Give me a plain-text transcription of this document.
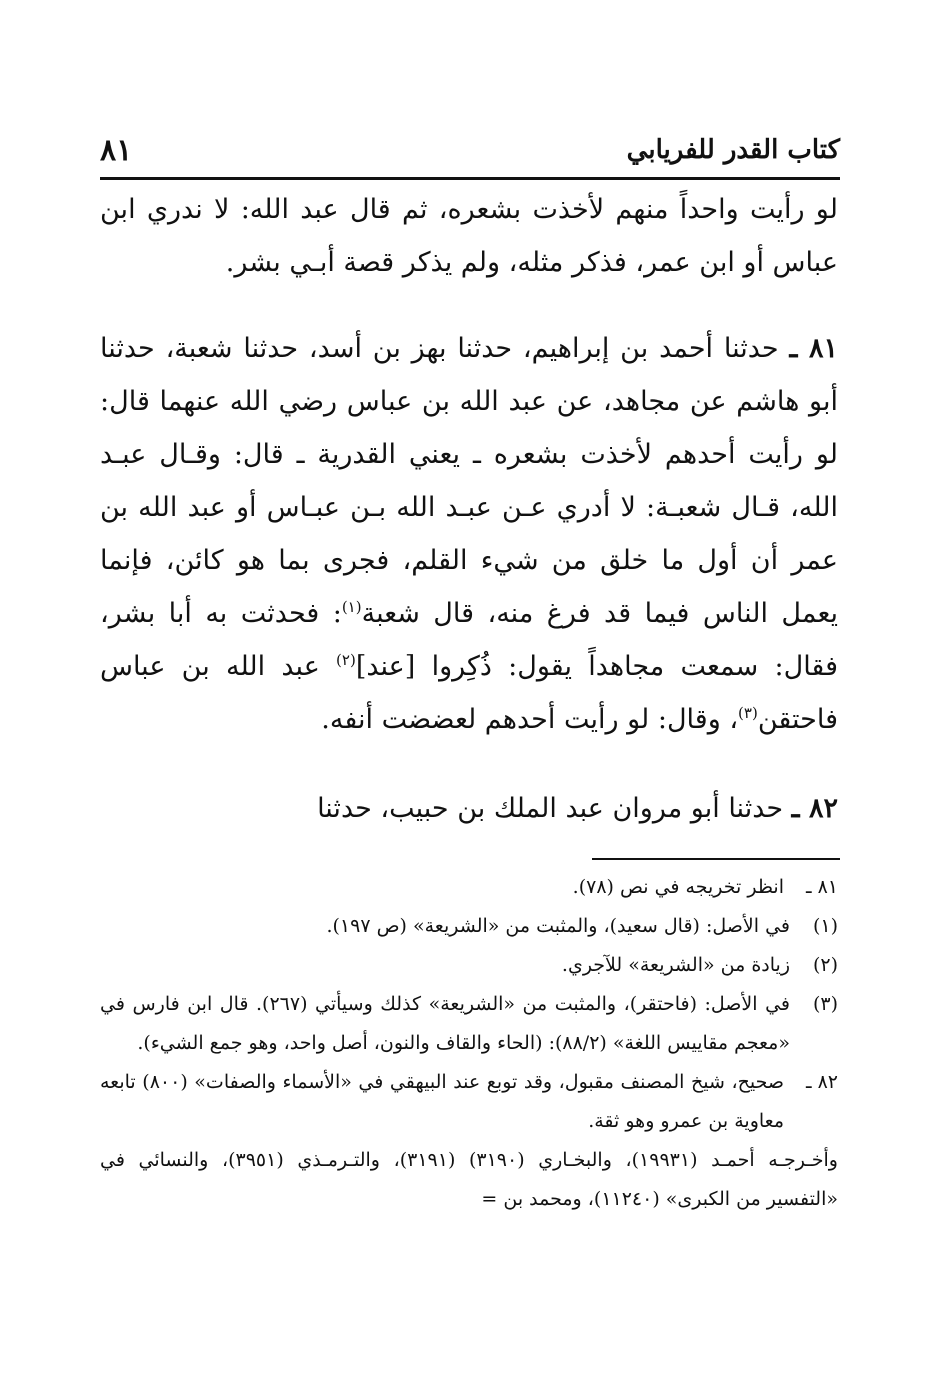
كتاب القدر للفريابي
٨١

لو رأيت واحداً منهم لأخذت بشعره، ثم قال عبد الله: لا ندري ابن عباس أو ابن عمر، فذكر مثله، ولم يذكر قصة أبـي بشر.

٨١ ـ حدثنا أحمد بن إبراهيم، حدثنا بهز بن أسد، حدثنا شعبة، حدثنا أبو هاشم عن مجاهد، عن عبد الله بن عباس رضي الله عنهما قال: لو رأيت أحدهم لأخذت بشعره ـ يعني القدرية ـ قال: وقـال عبـد الله، قـال شعبـة: لا أدري عـن عبـد الله بـن عبـاس أو عبد الله بن عمر أن أول ما خلق من شيء القلم، فجرى بما هو كائن، فإنما يعمل الناس فيما قد فرغ منه، قال شعبة$^{(١)}$: فحدثت به أبا بشر، فقال: سمعت مجاهداً يقول: ذُكِروا [عند]$^{(٢)}$ عبد الله بن عباس فاحتقن$^{(٣)}$، وقال: لو رأيت أحدهم لعضضت أنفه.

٨٢ ـ حدثنا أبو مروان عبد الملك بن حبيب، حدثنا

٨١ ـ
انظر تخريجه في نص (٧٨).
(١)
في الأصل: (قال سعيد)، والمثبت من «الشريعة» (ص ١٩٧).
(٢)
زيادة من «الشريعة» للآجري.
(٣)
في الأصل: (فاحتقر)، والمثبت من «الشريعة» كذلك وسيأتي (٢٦٧). قال ابن فارس في «معجم مقاييس اللغة» (٨٨/٢): (الحاء والقاف والنون، أصل واحد، وهو جمع الشيء).
٨٢ ـ
صحيح، شيخ المصنف مقبول، وقد توبع عند البيهقي في «الأسماء والصفات» (٨٠٠) تابعه معاوية بن عمرو وهو ثقة.

وأخـرجـه أحمـد (١٩٩٣١)، والبخـاري (٣١٩٠) (٣١٩١)، والتـرمـذي (٣٩٥١)، والنسائي في «التفسير من الكبرى» (١١٢٤٠)، ومحمد بن =
